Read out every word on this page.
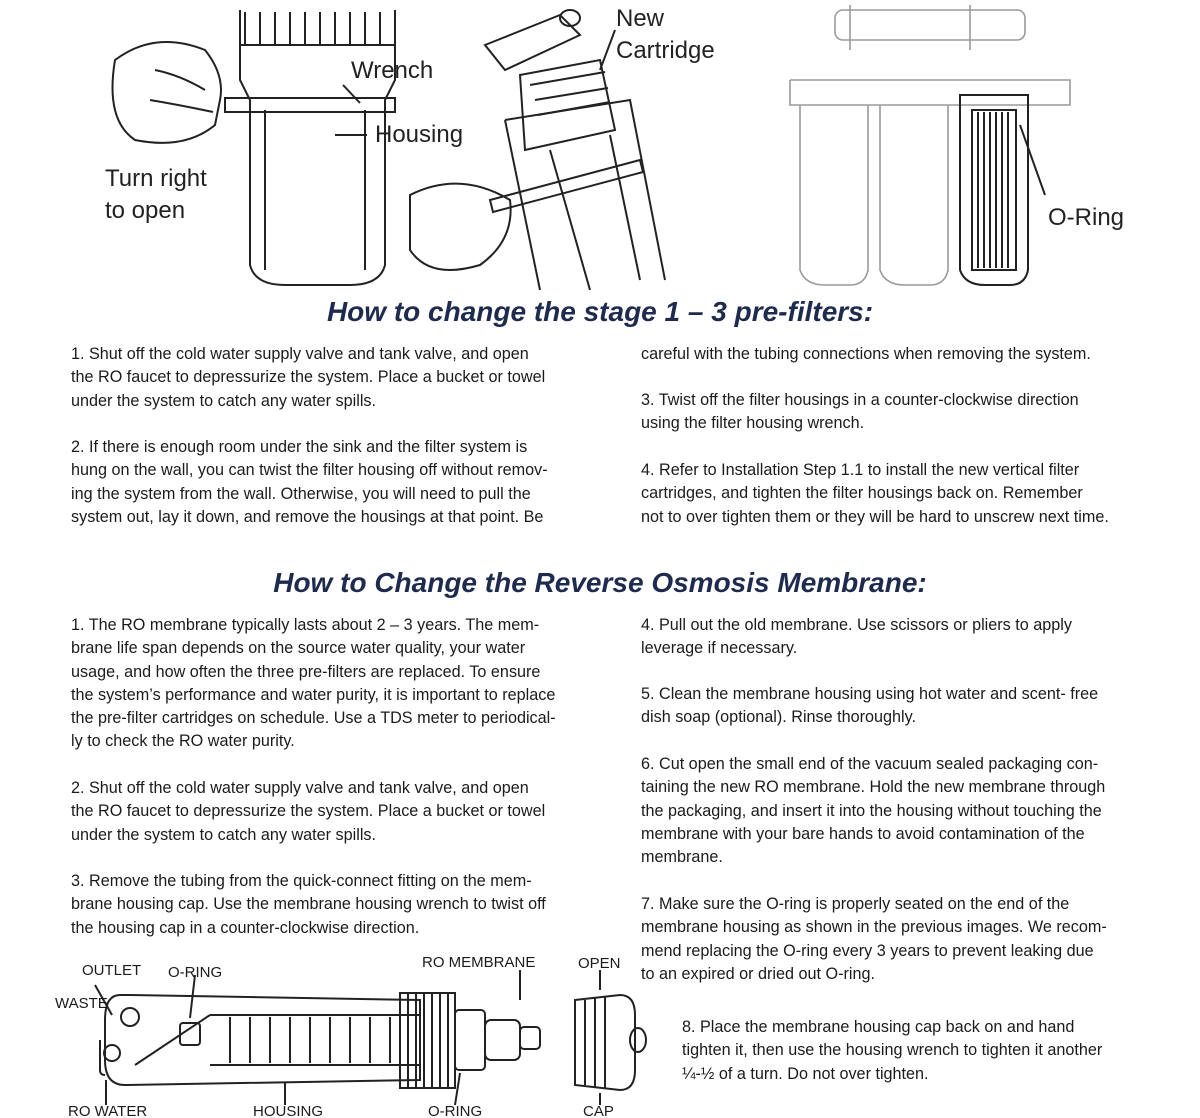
Wrench
Housing
Turn right
to open
New
Cartridge
O-Ring
How to change the stage 1 – 3 pre-filters:

1. Shut off the cold water supply valve and tank valve, and open
the RO faucet to depressurize the system. Place a bucket or towel
under the system to catch any water spills.

2. If there is enough room under the sink and the filter system is
hung on the wall, you can twist the filter housing off without remov-
ing the system from the wall. Otherwise, you will need to pull the
system out, lay it down, and remove the housings at that point. Be

careful with the tubing connections when removing the system.

3. Twist off the filter housings in a counter-clockwise direction
using the filter housing wrench.

4. Refer to Installation Step 1.1 to install the new vertical filter
cartridges, and tighten the filter housings back on. Remember
not to over tighten them or they will be hard to unscrew next time.

How to Change the Reverse Osmosis Membrane:

1. The RO membrane typically lasts about 2 – 3 years. The mem-
brane life span depends on the source water quality, your water
usage, and how often the three pre-filters are replaced. To ensure
the system’s performance and water purity, it is important to replace
the pre-filter cartridges on schedule. Use a TDS meter to periodical-
ly to check the RO water purity.

2. Shut off the cold water supply valve and tank valve, and open
the RO faucet to depressurize the system. Place a bucket or towel
under the system to catch any water spills.

3. Remove the tubing from the quick-connect fitting on the mem-
brane housing cap. Use the membrane housing wrench to twist off
the housing cap in a counter-clockwise direction.

4. Pull out the old membrane. Use scissors or pliers to apply
leverage if necessary.

5. Clean the membrane housing using hot water and scent- free
dish soap (optional). Rinse thoroughly.

6. Cut open the small end of the vacuum sealed packaging con-
taining the new RO membrane. Hold the new membrane through
the packaging, and insert it into the housing without touching the
membrane with your bare hands to avoid contamination of the
membrane.

7. Make sure the O-ring is properly seated on the end of the
membrane housing as shown in the previous images. We recom-
mend replacing the O-ring every 3 years to prevent leaking due
to an expired or dried out O-ring.

8. Place the membrane housing cap back on and hand
tighten it, then use the housing wrench to tighten it another
¼-½ of a turn. Do not over tighten.

OUTLET O-RING
WASTE
RO MEMBRANE	OPEN
RO WATER	HOUSING	O-RING	CAP
